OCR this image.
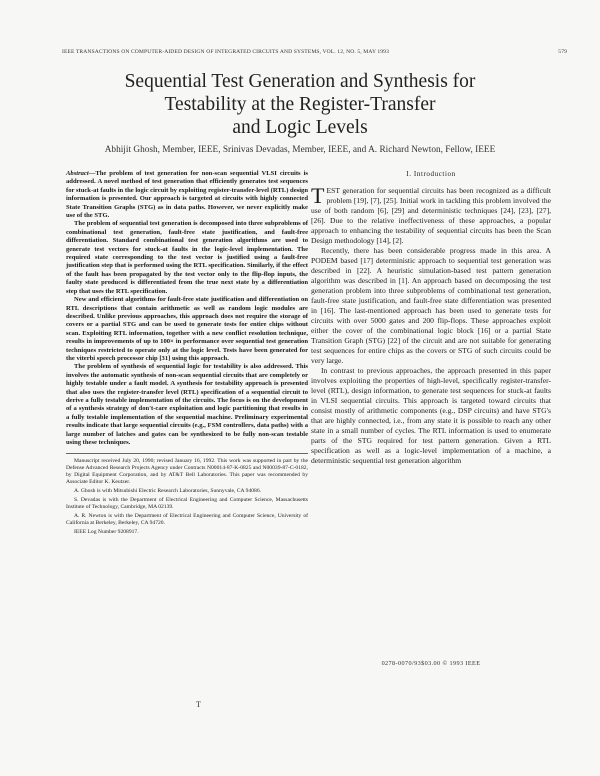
IEEE TRANSACTIONS ON COMPUTER-AIDED DESIGN OF INTEGRATED CIRCUITS AND SYSTEMS, VOL. 12, NO. 5, MAY 1993	579
Sequential Test Generation and Synthesis for
Testability at the Register-Transfer
and Logic Levels
Abhijit Ghosh, Member, IEEE, Srinivas Devadas, Member, IEEE, and A. Richard Newton, Fellow, IEEE

Abstract—The problem of test generation for non-scan sequential VLSI circuits is addressed. A novel method of test generation that efficiently generates test sequences for stuck-at faults in the logic circuit by exploiting register-transfer-level (RTL) design information is presented. Our approach is targeted at circuits with highly connected State Transition Graphs (STG) as in data paths. However, we never explicitly make use of the STG.

The problem of sequential test generation is decomposed into three subproblems of combinational test generation, fault-free state justification, and fault-free differentiation. Standard combinational test generation algorithms are used to generate test vectors for stuck-at faults in the logic-level implementation. The required state corresponding to the test vector is justified using a fault-free justification step that is performed using the RTL specification. Similarly, if the effect of the fault has been propagated by the test vector only to the flip-flop inputs, the faulty state produced is differentiated from the true next state by a differentiation step that uses the RTL specification.

New and efficient algorithms for fault-free state justification and differentiation on RTL descriptions that contain arithmetic as well as random logic modules are described. Unlike previous approaches, this approach does not require the storage of covers or a partial STG and can be used to generate tests for entire chips without scan. Exploiting RTL information, together with a new conflict resolution technique, results in improvements of up to 100× in performance over sequential test generation techniques restricted to operate only at the logic level. Tests have been generated for the viterbi speech processor chip [31] using this approach.

The problem of synthesis of sequential logic for testability is also addressed. This involves the automatic synthesis of non-scan sequential circuits that are completely or highly testable under a fault model. A synthesis for testability approach is presented that also uses the register-transfer level (RTL) specification of a sequential circuit to derive a fully testable implementation of the circuits. The focus is on the development of a synthesis strategy of don't-care exploitation and logic partitioning that results in a fully testable implementation of the sequential machine. Preliminary experimental results indicate that large sequential circuits (e.g., FSM controllers, data paths) with a large number of latches and gates can be synthesized to be fully non-scan testable using these techniques.

Manuscript received July 20, 1990; revised January 16, 1992. This work was supported in part by the Defense Advanced Research Projects Agency under Contracts N00014-87-K-0825 and N00039-87-C-0182, by Digital Equipment Corporation, and by AT&T Bell Laboratories. This paper was recommended by Associate Editor K. Keutzer.

A. Ghosh is with Mitsubishi Electric Research Laboratories, Sunnyvale, CA 94086.

S. Devadas is with the Department of Electrical Engineering and Computer Science, Massachusetts Institute of Technology, Cambridge, MA 02139.

A. R. Newton is with the Department of Electrical Engineering and Computer Science, University of California at Berkeley, Berkeley, CA 94720.

IEEE Log Number 9208917.

I. Introduction

TEST generation for sequential circuits has been recognized as a difficult problem [19], [7], [25]. Initial work in tackling this problem involved the use of both random [6], [29] and deterministic techniques [24], [23], [27], [26]. Due to the relative ineffectiveness of these approaches, a popular approach to enhancing the testability of sequential circuits has been the Scan Design methodology [14], [2].

Recently, there has been considerable progress made in this area. A PODEM based [17] deterministic approach to sequential test generation was described in [22]. A heuristic simulation-based test pattern generation algorithm was described in [1]. An approach based on decomposing the test generation problem into three subproblems of combinational test generation, fault-free state justification, and fault-free state differentiation was presented in [16]. The last-mentioned approach has been used to generate tests for circuits with over 5000 gates and 200 flip-flops. These approaches exploit either the cover of the combinational logic block [16] or a partial State Transition Graph (STG) [22] of the circuit and are not suitable for generating test sequences for entire chips as the covers or STG of such circuits could be very large.

In contrast to previous approaches, the approach presented in this paper involves exploiting the properties of high-level, specifically register-transfer-level (RTL), design information, to generate test sequences for stuck-at faults in VLSI sequential circuits. This approach is targeted toward circuits that consist mostly of arithmetic components (e.g., DSP circuits) and have STG's that are highly connected, i.e., from any state it is possible to reach any other state in a small number of cycles. The RTL information is used to enumerate parts of the STG required for test pattern generation. Given a RTL specification as well as a logic-level implementation of a machine, a deterministic sequential test generation algorithm

0278-0070/93$03.00 © 1993 IEEE
T
